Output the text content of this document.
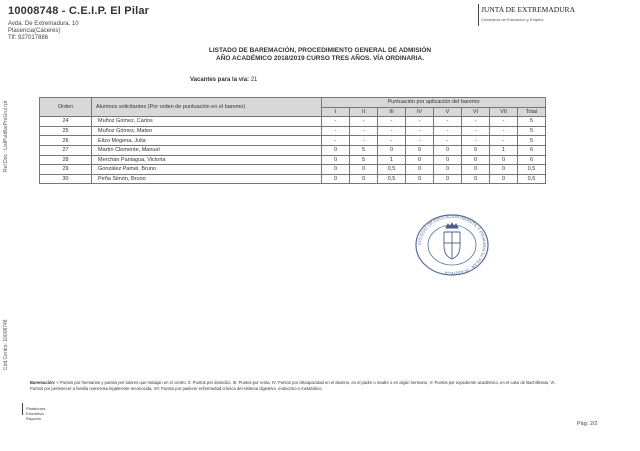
10008748 - C.E.I.P. El Pilar
Avda. De Extremadura, 10
Plasencia(Cáceres)
Tlf: 927017886
JUNTA DE EXTREMADURA
Consejería de Educación y Empleo
LISTADO DE BAREMACIÓN, PROCEDIMIENTO GENERAL DE ADMISIÓN
AÑO ACADÉMICO 2018/2019 CURSO TRES AÑOS. VÍA ORDINARIA.
Vacantes para la vía: 21
Orden	Alumnos solicitantes (Por orden de puntuación en el baremo)	Puntuación por aplicación del baremo							
		I	II	III	IV	V	VI	VII	Total
24	Muñoz Gómez, Carlos	-	-	-	-	-	-	-	5
25	Muñoz Gómez, Mateo	-	-	-	-	-	-	-	5
26	Elizo Mogena, Julia	-	-	-	-	-	-	-	5
27	Martín Clemente, Manuel	0	5	0	0	0	0	1	6
28	Merchán Paniagua, Victoria	0	5	1	0	0	0	0	6
29	González Pamel, Bruno	0	0	0,5	0	0	0	0	0,5
30	Peña Simón, Bruno	0	0	0,5	0	0	0	0	0,5
Ref.Doc.: ListPubBarProGrul.rpt
Cód.Centro: 10008748
COLEGIO DE EDUCACIÓN INFANTIL Y PRIMARIA EL PILAR · PLASENCIA
Baremación: I: Puntos por hermanos y puntos por tutores que trabajan en el centro, II: Puntos por domicilio, III: Puntos por renta, IV: Puntos por discapacidad en el alumno, en el padre o madre o en algún hermano, V: Puntos por expediente académico, en el caso de Bachillerato, VI: Puntos por pertenecer a familia numerosa legalmente reconocida, VII: Puntos por padecer enfermedad crónica del sistema digestivo, endocrino o metabólico.
Plataforma Educativa Rayuela
Pág: 2/2
